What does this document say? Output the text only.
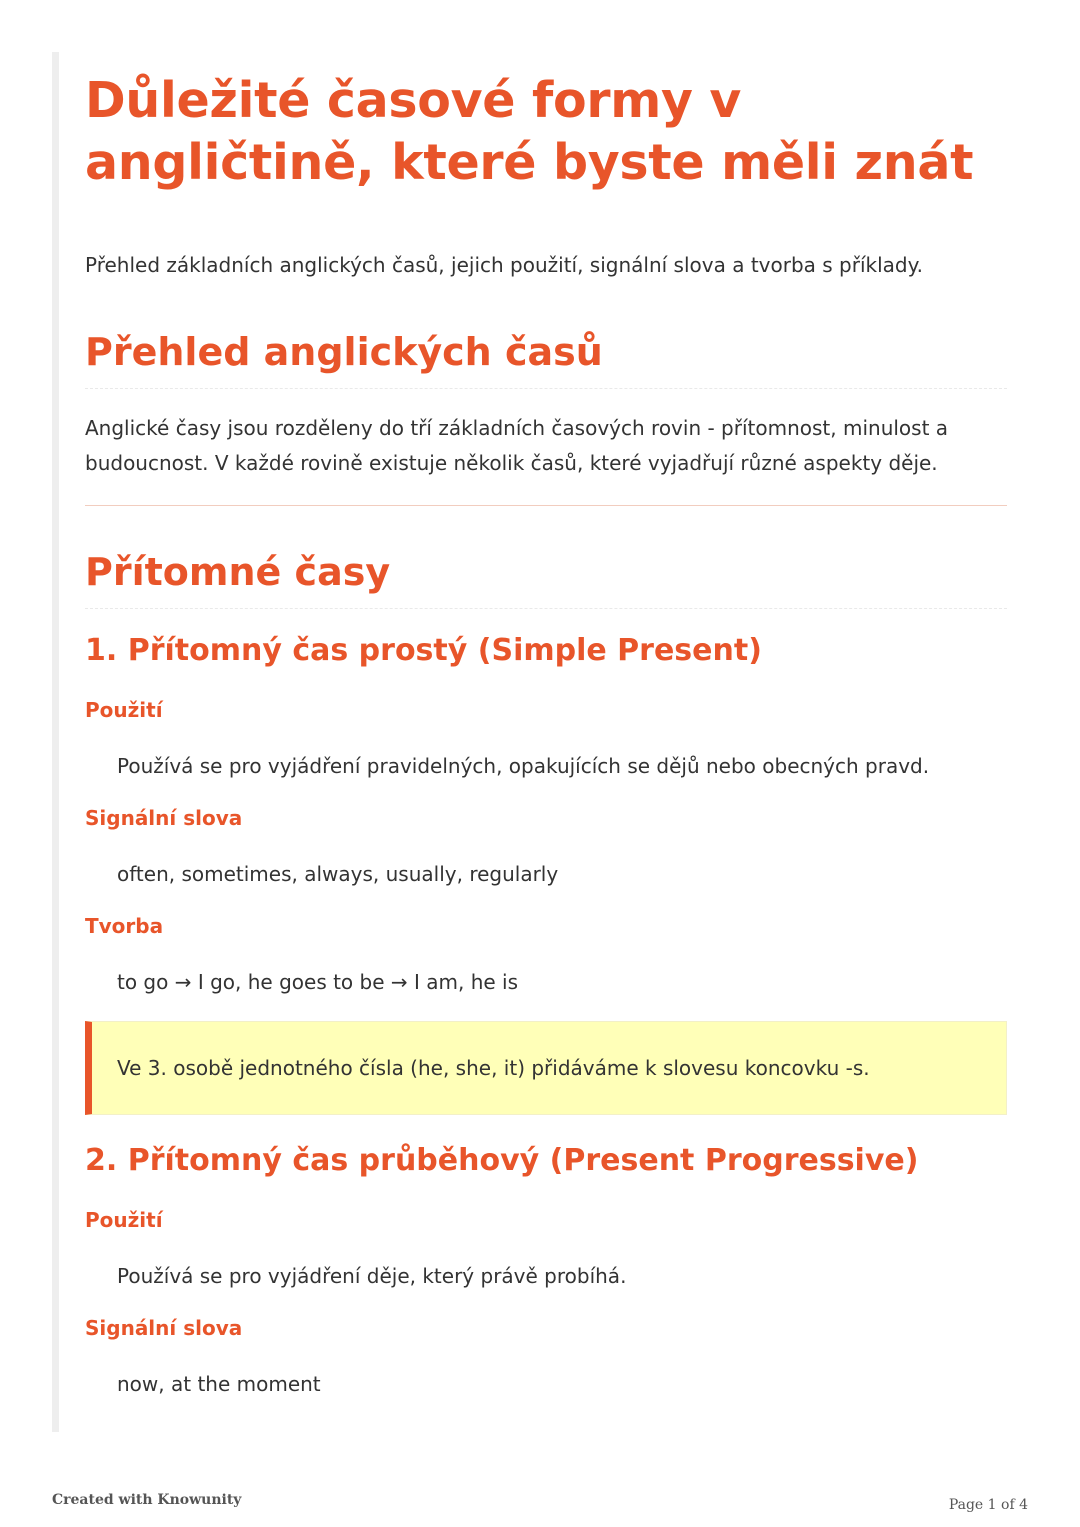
Důležité časové formy v angličtině, které byste měli znát

Přehled základních anglických časů, jejich použití, signální slova a tvorba s příklady.

Přehled anglických časů

Anglické časy jsou rozděleny do tří základních časových rovin - přítomnost, minulost a budoucnost. V každé rovině existuje několik časů, které vyjadřují různé aspekty děje.

Přítomné časy
1. Přítomný čas prostý (Simple Present)
Použití
Používá se pro vyjádření pravidelných, opakujících se dějů nebo obecných pravd.
Signální slova
often, sometimes, always, usually, regularly
Tvorba
to go → I go, he goes to be → I am, he is
Ve 3. osobě jednotného čísla (he, she, it) přidáváme k slovesu koncovku -s.
2. Přítomný čas průběhový (Present Progressive)
Použití
Používá se pro vyjádření děje, který právě probíhá.
Signální slova
now, at the moment
Created with Knowunity	Page 1 of 4
